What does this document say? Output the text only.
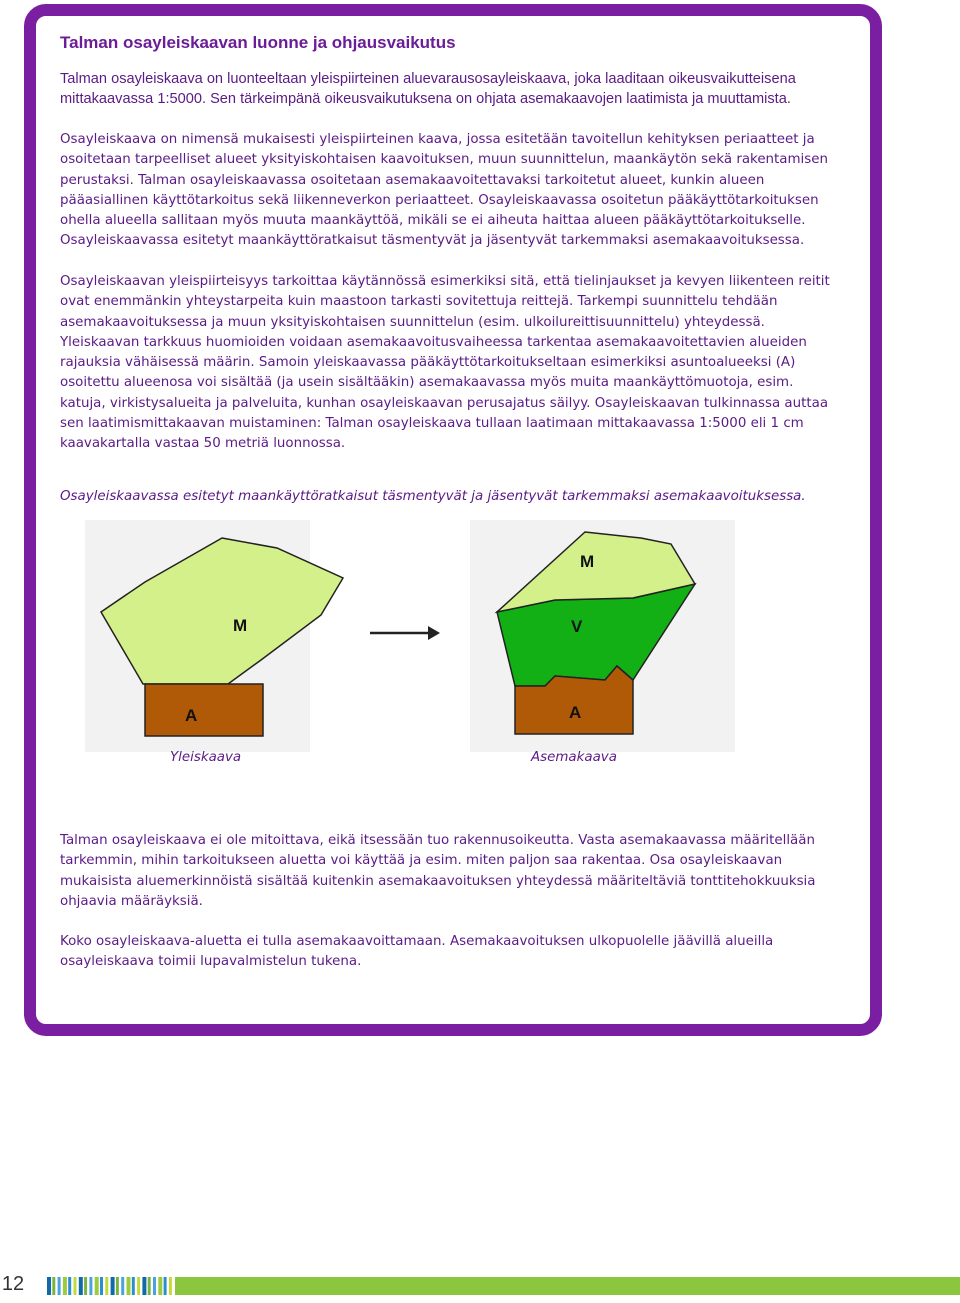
Talman osayleiskaavan luonne ja ohjausvaikutus

Talman osayleiskaava on luonteeltaan yleispiirteinen aluevarausosayleiskaava, joka laaditaan oikeusvaikutteisena mittakaavassa 1:5000. Sen tärkeimpänä oikeusvaikutuksena on ohjata asemakaavojen laatimista ja muuttamista.

Osayleiskaava on nimensä mukaisesti yleispiirteinen kaava, jossa esitetään tavoitellun kehityksen periaatteet ja osoitetaan tarpeelliset alueet yksityiskohtaisen kaavoituksen, muun suunnittelun, maankäytön sekä rakentamisen perustaksi. Talman osayleiskaavassa osoitetaan asemakaavoitettavaksi tarkoitetut alueet, kunkin alueen pääasiallinen käyttötarkoitus sekä liikenneverkon periaatteet. Osayleiskaavassa osoitetun pääkäyttötarkoituksen ohella alueella sallitaan myös muuta maankäyttöä, mikäli se ei aiheuta haittaa alueen pääkäyttötarkoitukselle. Osayleiskaavassa esitetyt maankäyttöratkaisut täsmentyvät ja jäsentyvät tarkemmaksi asemakaavoituksessa.

Osayleiskaavan yleispiirteisyys tarkoittaa käytännössä esimerkiksi sitä, että tielinjaukset ja kevyen liikenteen reitit ovat enemmänkin yhteystarpeita kuin maastoon tarkasti sovitettuja reittejä. Tarkempi suunnittelu tehdään asemakaavoituksessa ja muun yksityiskohtaisen suunnittelun (esim. ulkoilureittisuunnittelu) yhteydessä. Yleiskaavan tarkkuus huomioiden voidaan asemakaavoitusvaiheessa tarkentaa asemakaavoitettavien alueiden rajauksia vähäisessä määrin. Samoin yleiskaavassa pääkäyttötarkoitukseltaan esimerkiksi asuntoalueeksi (A) osoitettu alueenosa voi sisältää (ja usein sisältääkin) asemakaavassa myös muita maankäyttömuotoja, esim. katuja, virkistysalueita ja palveluita, kunhan osayleiskaavan perusajatus säilyy. Osayleiskaavan tulkinnassa auttaa sen laatimismittakaavan muistaminen: Talman osayleiskaava tullaan laatimaan mittakaavassa 1:5000 eli 1 cm kaavakartalla vastaa 50 metriä luonnossa.

Osayleiskaavassa esitetyt maankäyttöratkaisut täsmentyvät ja jäsentyvät tarkemmaksi asemakaavoituksessa.

M
A
M
V
A

Yleiskaava	Asemakaava

Talman osayleiskaava ei ole mitoittava, eikä itsessään tuo rakennusoikeutta. Vasta asemakaavassa määritellään tarkemmin, mihin tarkoitukseen aluetta voi käyttää ja esim. miten paljon saa rakentaa. Osa osayleiskaavan mukaisista aluemerkinnöistä sisältää kuitenkin asemakaavoituksen yhteydessä määriteltäviä tonttitehokkuuksia ohjaavia määräyksiä.

Koko osayleiskaava-aluetta ei tulla asemakaavoittamaan. Asemakaavoituksen ulkopuolelle jäävillä alueilla osayleiskaava toimii lupavalmistelun tukena.

12
